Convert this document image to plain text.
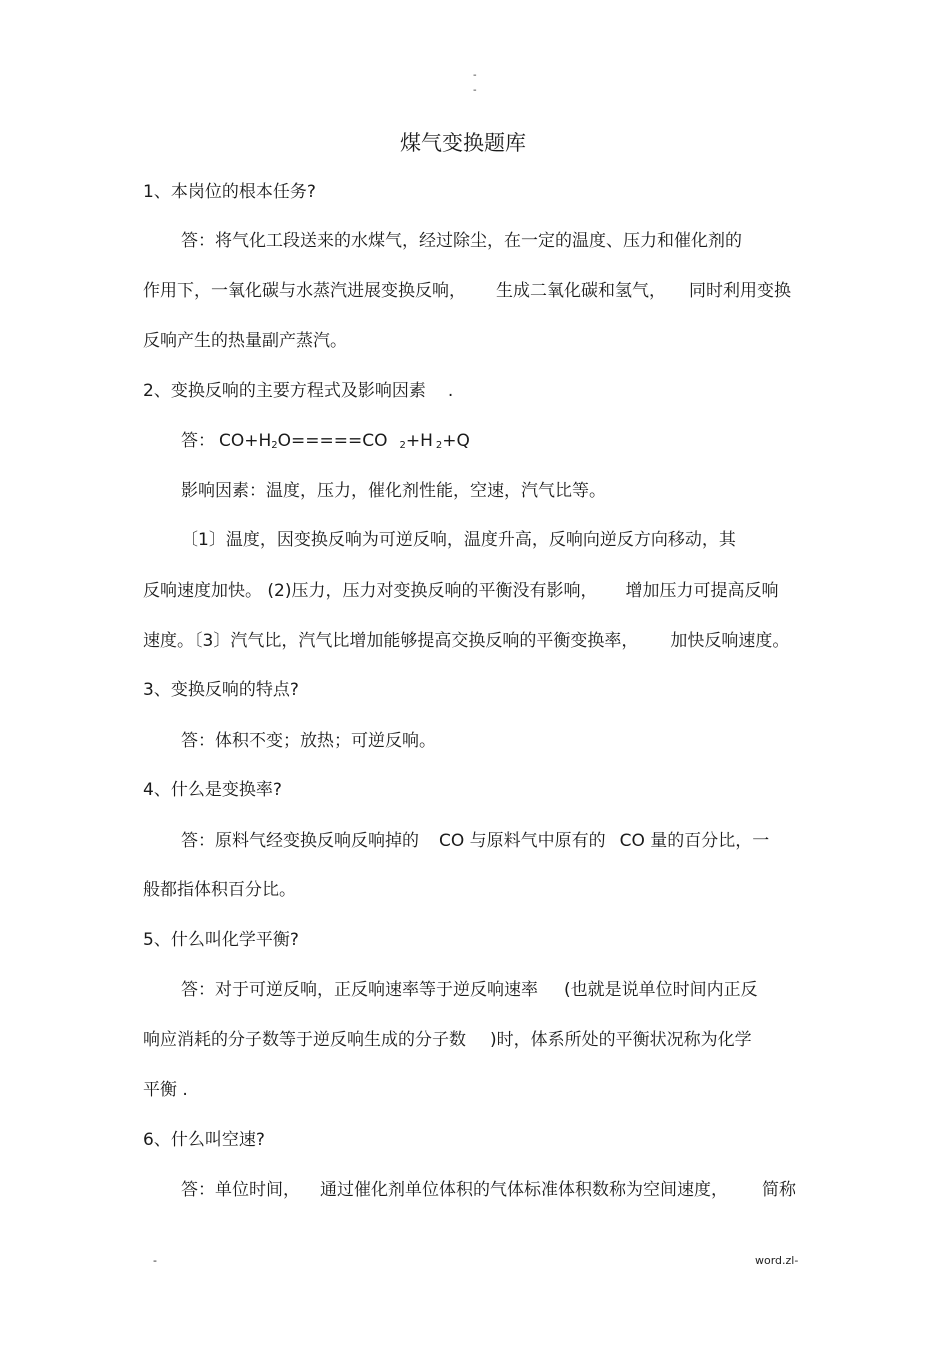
-
-
煤气变换题库
1、本岗位的根本任务?
答：将气化工段送来的水煤气，经过除尘，在一定的温度、压力和催化剂的
作用下，一氧化碳与水蒸汽进展变换反响， 生成二氧化碳和氢气， 同时利用变换
反响产生的热量副产蒸汽。
2、变换反响的主要方程式及影响因素 .
答： $CO+H_2O=====CO$ $_2$+H $_2$+Q
影响因素：温度，压力，催化剂性能，空速，汽气比等。
〔1〕温度，因变换反响为可逆反响，温度升高，反响向逆反方向移动，其
反响速度加快。 (2)压力，压力对变换反响的平衡没有影响， 增加压力可提高反响
速度。〔3〕汽气比，汽气比增加能够提高交换反响的平衡变换率， 加快反响速度。
3、变换反响的特点?
答：体积不变；放热；可逆反响。
4、什么是变换率?
答：原料气经变换反响反响掉的 CO 与原料气中原有的 CO 量的百分比，一
般都指体积百分比。
5、什么叫化学平衡?
答：对于可逆反响，正反响速率等于逆反响速率 (也就是说单位时间内正反
响应消耗的分子数等于逆反响生成的分子数 )时，体系所处的平衡状况称为化学
平衡 .
6、什么叫空速?
答：单位时间， 通过催化剂单位体积的气体标准体积数称为空间速度， 简称
-	word.zl-
